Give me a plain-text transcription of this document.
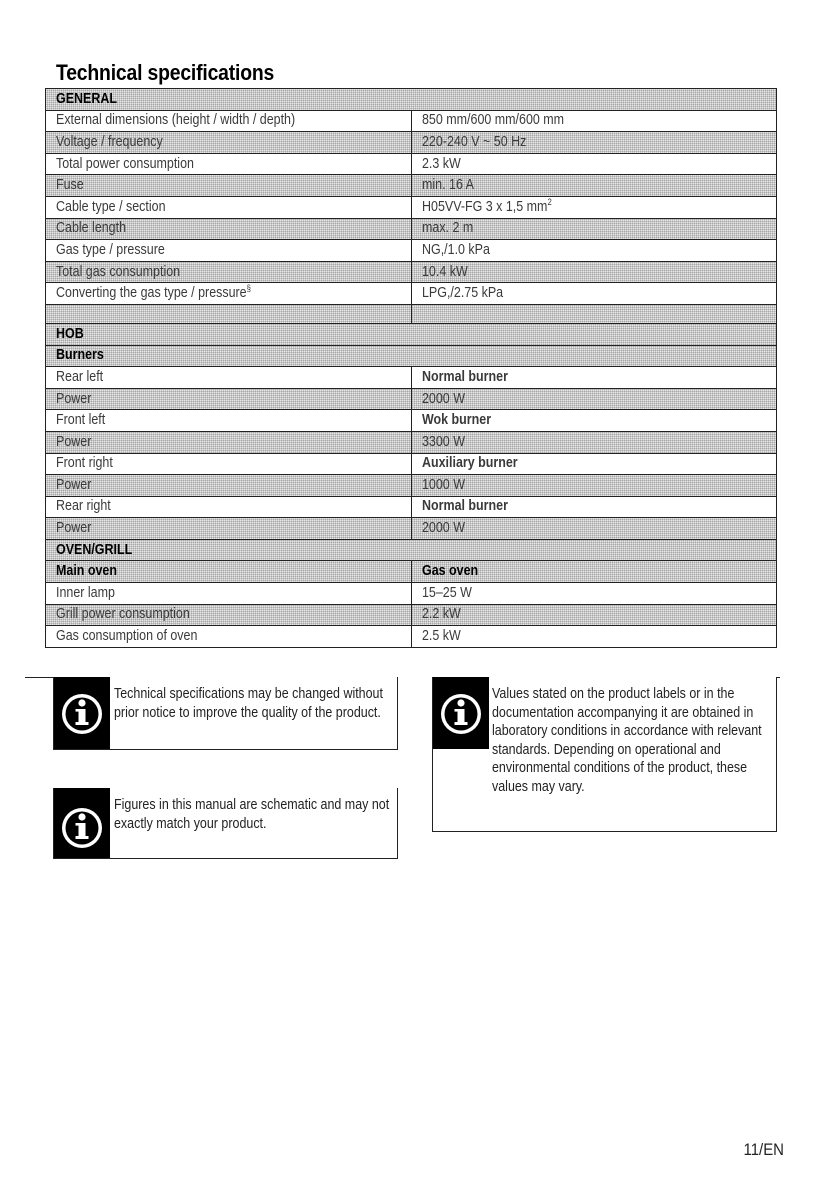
Technical specifications
GENERAL	
External dimensions (height / width / depth)	850 mm/600 mm/600 mm
Voltage / frequency	220-240 V ~ 50 Hz
Total power consumption	2.3 kW
Fuse	min. 16 A
Cable type / section	H05VV-FG 3 x 1,5 $mm^2$
Cable length	max. 2 m
Gas type / pressure	NG,/1.0 kPa
Total gas consumption	10.4 kW
Converting the gas type / pressure§	LPG,/2.75 kPa

HOB	
Burners	
Rear left	Normal burner
Power	2000 W
Front left	Wok burner
Power	3300 W
Front right	Auxiliary burner
Power	1000 W
Rear right	Normal burner
Power	2000 W
OVEN/GRILL	
Main oven	Gas oven
Inner lamp	15–25 W
Grill power consumption	2.2 kW
Gas consumption of oven	2.5 kW

Technical specifications may be changed without prior notice to improve the quality of the product.

Figures in this manual are schematic and may not exactly match your product.

Values stated on the product labels or in the documentation accompanying it are obtained in laboratory conditions in accordance with relevant standards. Depending on operational and environmental conditions of the product, these values may vary.

11/EN
